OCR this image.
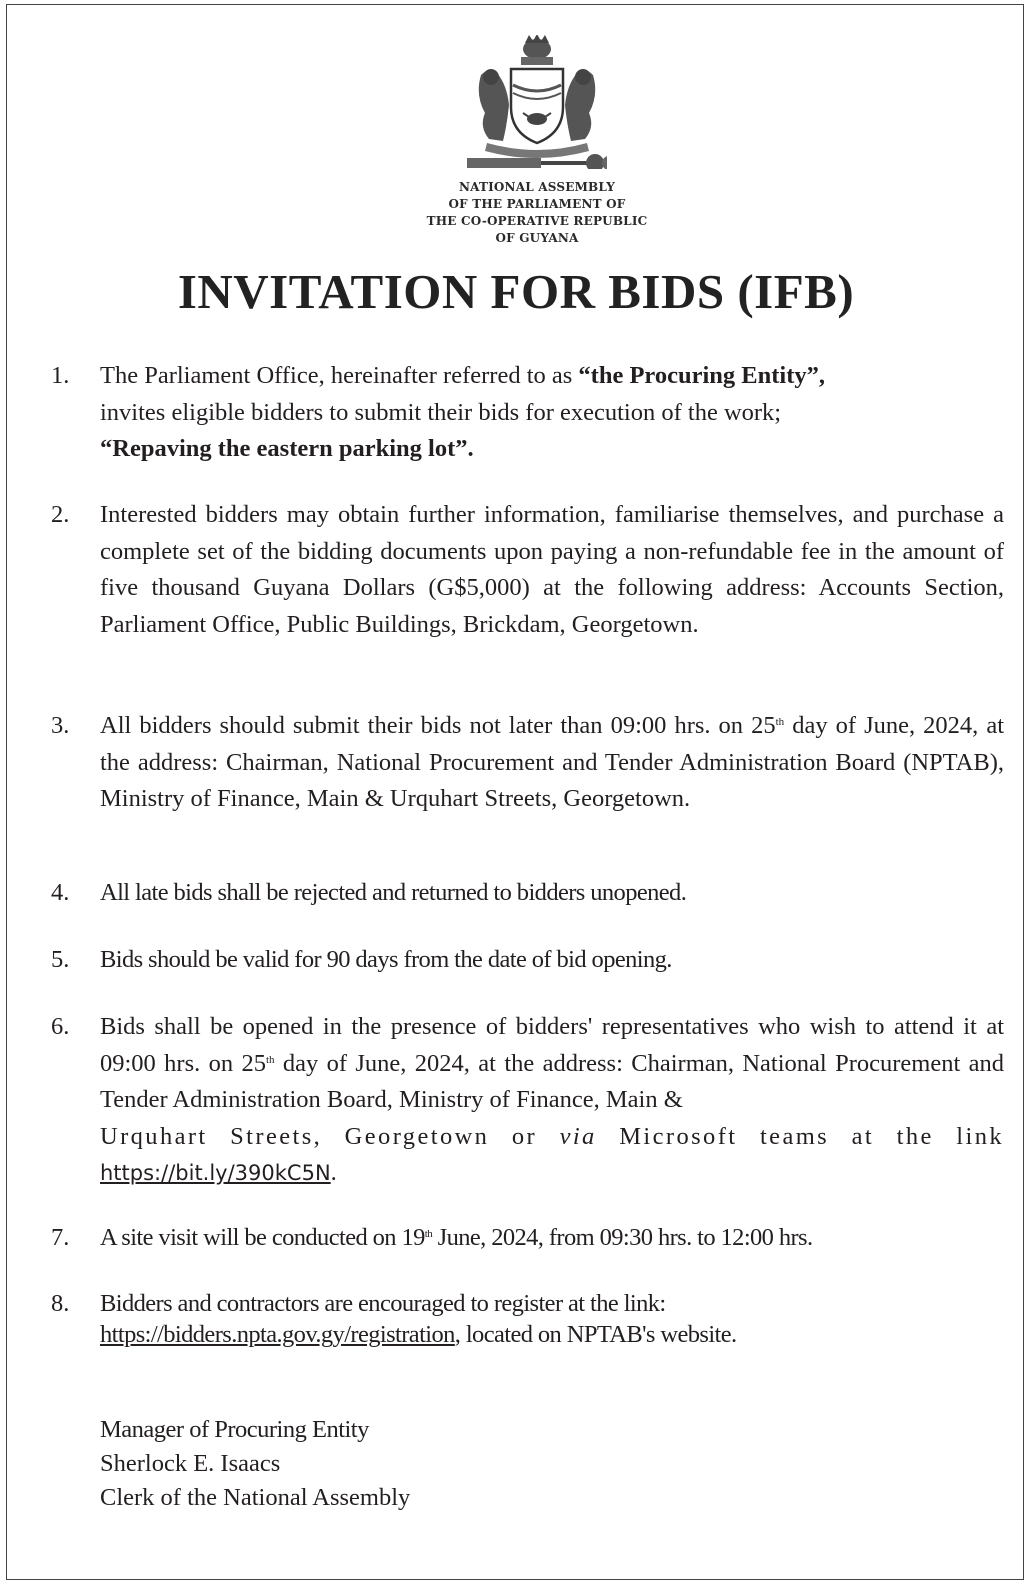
NATIONAL ASSEMBLY
OF THE PARLIAMENT OF
THE CO-OPERATIVE REPUBLIC
OF GUYANA
INVITATION FOR BIDS (IFB)
1. The Parliament Office, hereinafter referred to as “the Procuring Entity”,
invites eligible bidders to submit their bids for execution of the work;
“Repaving the eastern parking lot”.
2. Interested bidders may obtain further information, familiarise themselves, and purchase a complete set of the bidding documents upon paying a non-refundable fee in the amount of five thousand Guyana Dollars (G$5,000) at the following address: Accounts Section, Parliament Office, Public Buildings, Brickdam, Georgetown.
3. All bidders should submit their bids not later than 09:00 hrs. on 25th day of June, 2024, at the address: Chairman, National Procurement and Tender Administration Board (NPTAB), Ministry of Finance, Main & Urquhart Streets, Georgetown.
4. All late bids shall be rejected and returned to bidders unopened.
5. Bids should be valid for 90 days from the date of bid opening.
6. Bids shall be opened in the presence of bidders' representatives who wish to attend it at 09:00 hrs. on 25th day of June, 2024, at the address: Chairman, National Procurement and Tender Administration Board, Ministry of Finance, Main &
Urquhart Streets, Georgetown or via Microsoft teams at the link
https://bit.ly/390kC5N.
7. A site visit will be conducted on 19th June, 2024, from 09:30 hrs. to 12:00 hrs.
8. Bidders and contractors are encouraged to register at the link:
https://bidders.npta.gov.gy/registration, located on NPTAB's website.
Manager of Procuring Entity
Sherlock E. Isaacs
Clerk of the National Assembly
